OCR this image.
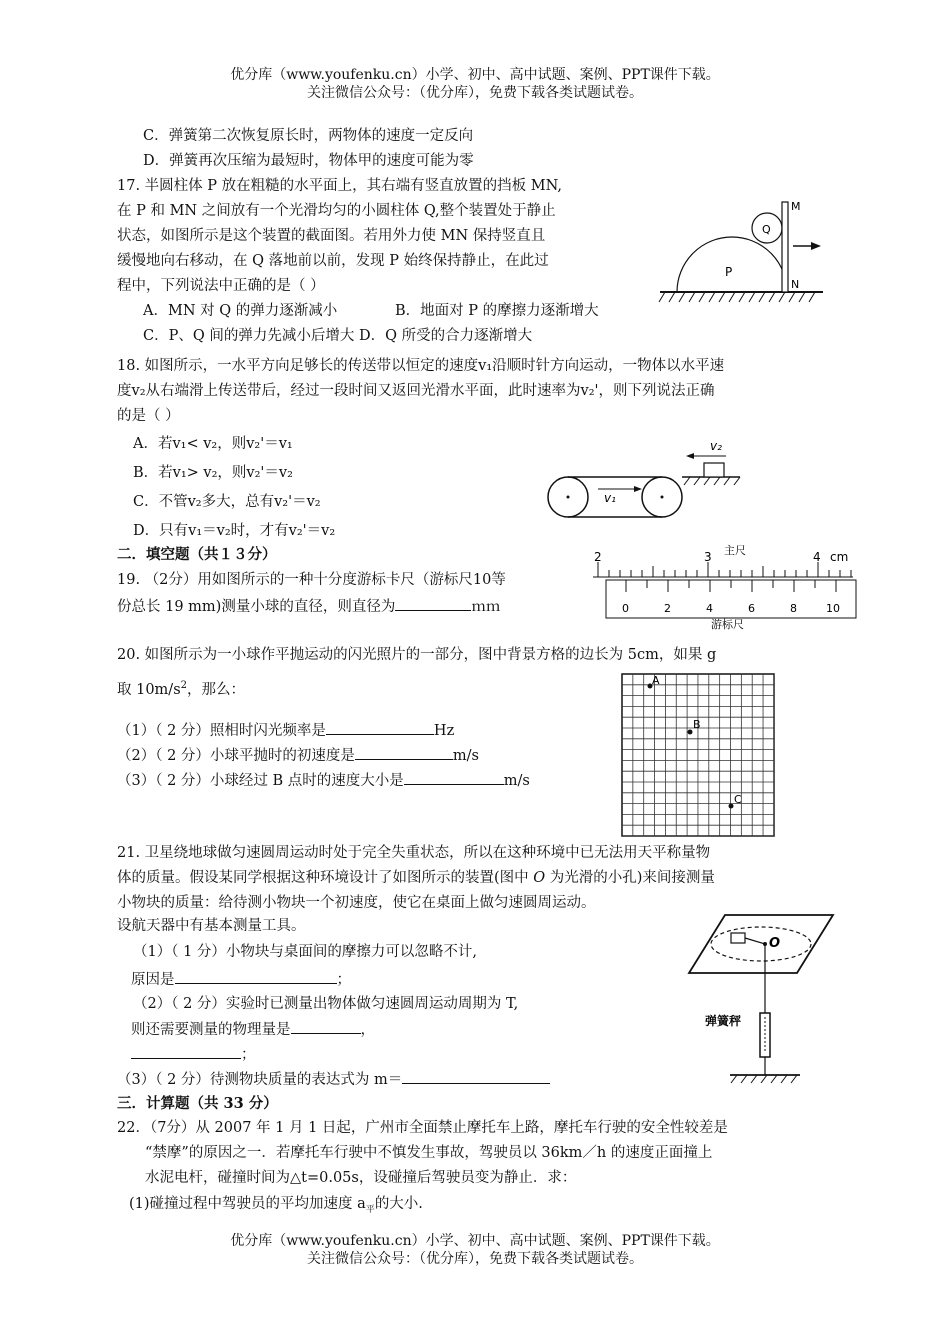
优分库（www.youfenku.cn）小学、初中、高中试题、案例、PPT课件下载。
关注微信公众号：（优分库），免费下载各类试题试卷。
C．弹簧第二次恢复原长时，两物体的速度一定反向
D．弹簧再次压缩为最短时，物体甲的速度可能为零
17. 半圆柱体 P 放在粗糙的水平面上，其右端有竖直放置的挡板 MN,
在 P 和 MN 之间放有一个光滑均匀的小圆柱体 Q,整个装置处于静止
状态，如图所示是这个装置的截面图。若用外力使 MN 保持竖直且
缓慢地向右移动，在 Q 落地前以前，发现 P 始终保持静止，在此过
程中，下列说法中正确的是（ ）
A．MN 对 Q 的弹力逐渐减小	B．地面对 P 的摩擦力逐渐增大
C．P、Q 间的弹力先减小后增大 D．Q 所受的合力逐渐增大
M
N
P
Q
18. 如图所示，一水平方向足够长的传送带以恒定的速度v₁沿顺时针方向运动，一物体以水平速
度v₂从右端滑上传送带后，经过一段时间又返回光滑水平面，此时速率为v₂'，则下列说法正确
的是（ ）
A．若v₁< v₂，则v₂'＝v₁
B．若v₁> v₂，则v₂'＝v₂
C．不管v₂多大，总有v₂'＝v₂
D．只有v₁＝v₂时，才有v₂'＝v₂
v₁
v₂
二．填空题（共１３分）
19. （2分）用如图所示的一种十分度游标卡尺（游标尺10等
份总长 19 mm)测量小球的直径，则直径为	ｍｍ
2	3	4 cm
主尺
0	2	4	6	8	10
游标尺
20. 如图所示为一小球作平抛运动的闪光照片的一部分，图中背景方格的边长为 5cm，如果 g
取 $10m/s^2$，那么：
（1）（ 2 分）照相时闪光频率是	Hz
（2）（ 2 分）小球平抛时的初速度是	m/s
（3）（ 2 分）小球经过 B 点时的速度大小是	m/s
A
B
C
21. 卫星绕地球做匀速圆周运动时处于完全失重状态，所以在这种环境中已无法用天平称量物
体的质量。假设某同学根据这种环境设计了如图所示的装置(图中 O 为光滑的小孔)来间接测量
小物块的质量：给待测小物块一个初速度，使它在桌面上做匀速圆周运动。
设航天器中有基本测量工具。
（1）（ 1 分）小物块与桌面间的摩擦力可以忽略不计,
原因是	；
（2）（ 2 分）实验时已测量出物体做匀速圆周运动周期为 T,
则还需要测量的物理量是	，
；
（3）（ 2 分）待测物块质量的表达式为 m＝
O
弹簧秤
三．计算题（共 33 分）
22．（7分）从 2007 年 1 月 1 日起，广州市全面禁止摩托车上路，摩托车行驶的安全性较差是
“禁摩”的原因之一．若摩托车行驶中不慎发生事故，驾驶员以 36km／h 的速度正面撞上
水泥电杆，碰撞时间为△t=0.05s，设碰撞后驾驶员变为静止．求：
(1)碰撞过程中驾驶员的平均加速度 $a_平$的大小.
优分库（www.youfenku.cn）小学、初中、高中试题、案例、PPT课件下载。
关注微信公众号：（优分库），免费下载各类试题试卷。
